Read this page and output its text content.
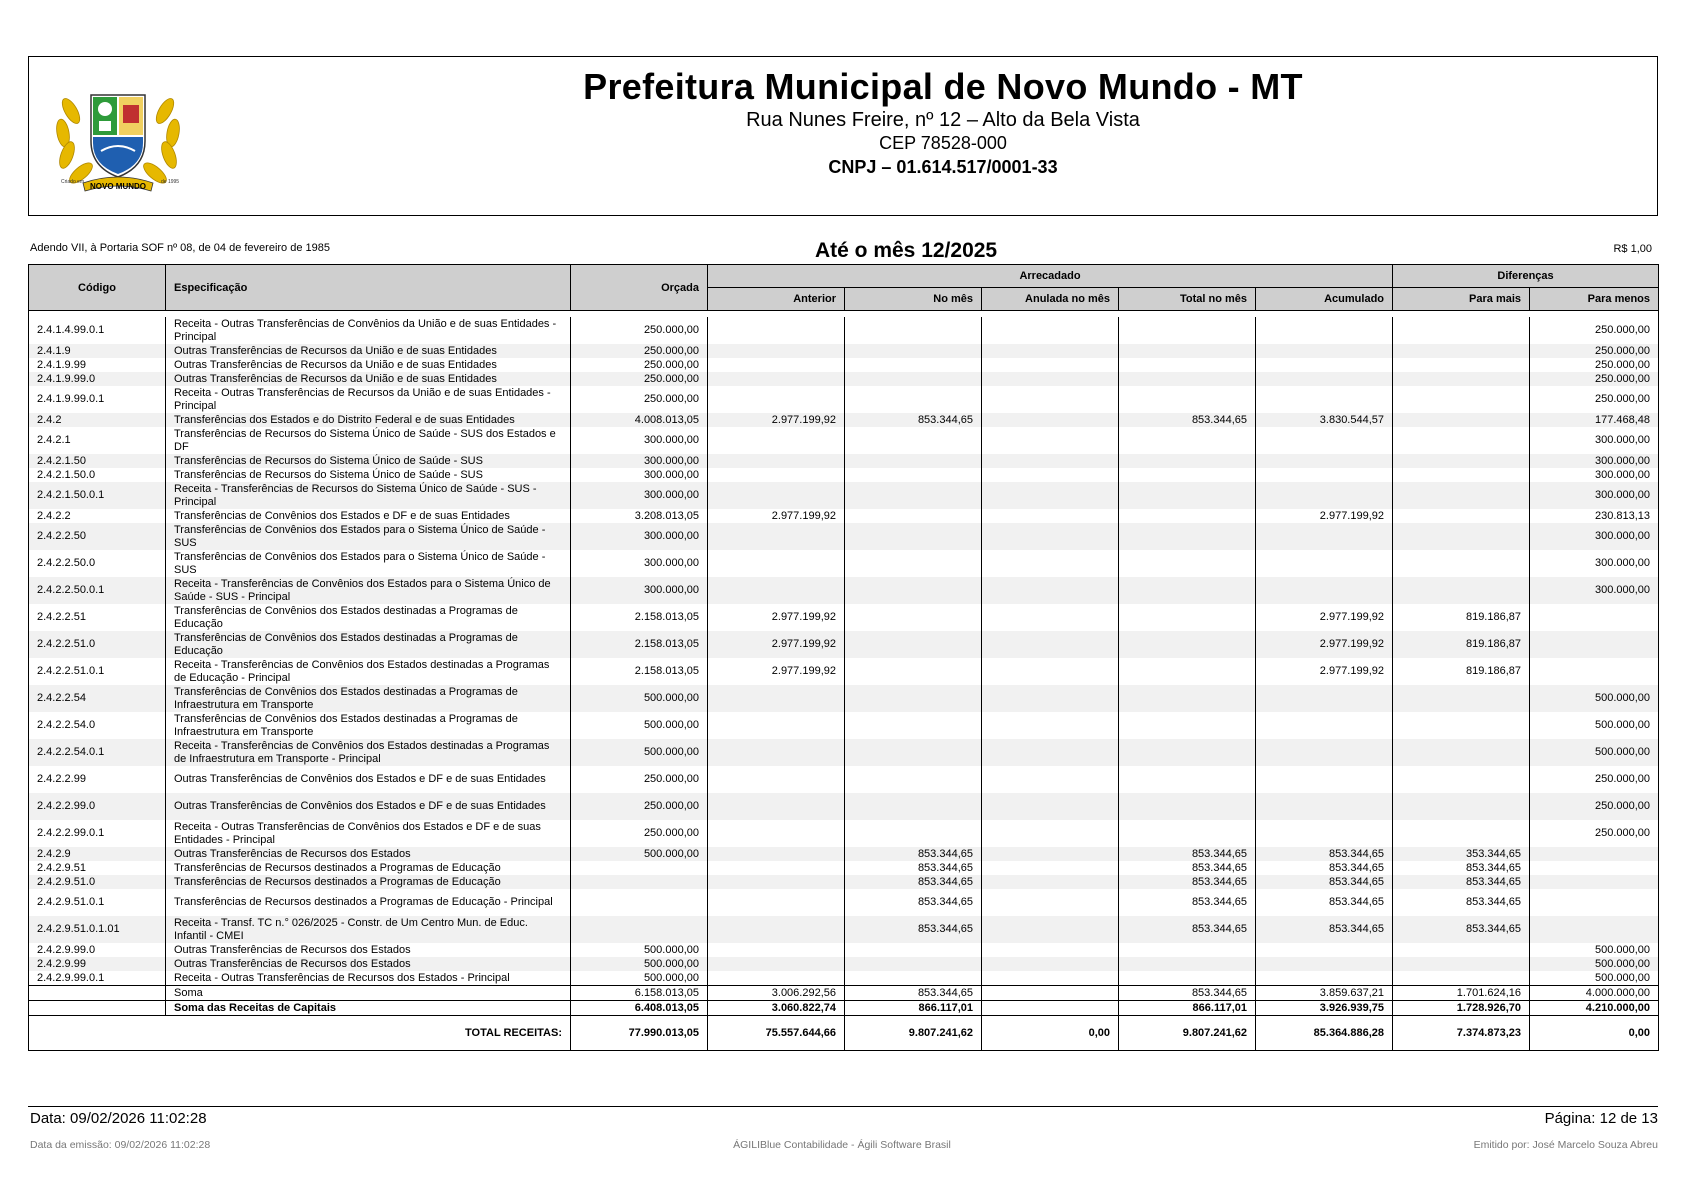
NOVO MUNDO
Criado em	de 1995
Prefeitura Municipal de Novo Mundo - MT
Rua Nunes Freire, nº 12 – Alto da Bela Vista
CEP 78528-000
CNPJ – 01.614.517/0001-33
Adendo VII, à Portaria SOF nº 08, de 04 de fevereiro de 1985	Até o mês 12/2025	R$ 1,00
Código	Especificação	Orçada	Arrecadado					Diferenças	
			Anterior	No mês	Anulada no mês	Total no mês	Acumulado	Para mais	Para menos

2.4.1.4.99.0.1	Receita - Outras Transferências de Convênios da União e de suas Entidades - Principal	250.000,00							250.000,00
2.4.1.9	Outras Transferências de Recursos da União e de suas Entidades	250.000,00							250.000,00
2.4.1.9.99	Outras Transferências de Recursos da União e de suas Entidades	250.000,00							250.000,00
2.4.1.9.99.0	Outras Transferências de Recursos da União e de suas Entidades	250.000,00							250.000,00
2.4.1.9.99.0.1	Receita - Outras Transferências de Recursos da União e de suas Entidades - Principal	250.000,00							250.000,00
2.4.2	Transferências dos Estados e do Distrito Federal e de suas Entidades	4.008.013,05	2.977.199,92	853.344,65		853.344,65	3.830.544,57		177.468,48
2.4.2.1	Transferências de Recursos do Sistema Único de Saúde - SUS dos Estados e DF	300.000,00							300.000,00
2.4.2.1.50	Transferências de Recursos do Sistema Único de Saúde - SUS	300.000,00							300.000,00
2.4.2.1.50.0	Transferências de Recursos do Sistema Único de Saúde - SUS	300.000,00							300.000,00
2.4.2.1.50.0.1	Receita - Transferências de Recursos do Sistema Único de Saúde - SUS - Principal	300.000,00							300.000,00
2.4.2.2	Transferências de Convênios dos Estados e DF e de suas Entidades	3.208.013,05	2.977.199,92				2.977.199,92		230.813,13
2.4.2.2.50	Transferências de Convênios dos Estados para o Sistema Único de Saúde - SUS	300.000,00							300.000,00
2.4.2.2.50.0	Transferências de Convênios dos Estados para o Sistema Único de Saúde - SUS	300.000,00							300.000,00
2.4.2.2.50.0.1	Receita - Transferências de Convênios dos Estados para o Sistema Único de Saúde - SUS - Principal	300.000,00							300.000,00
2.4.2.2.51	Transferências de Convênios dos Estados destinadas a Programas de Educação	2.158.013,05	2.977.199,92				2.977.199,92	819.186,87	
2.4.2.2.51.0	Transferências de Convênios dos Estados destinadas a Programas de Educação	2.158.013,05	2.977.199,92				2.977.199,92	819.186,87	
2.4.2.2.51.0.1	Receita - Transferências de Convênios dos Estados destinadas a Programas de Educação - Principal	2.158.013,05	2.977.199,92				2.977.199,92	819.186,87	
2.4.2.2.54	Transferências de Convênios dos Estados destinadas a Programas de Infraestrutura em Transporte	500.000,00							500.000,00
2.4.2.2.54.0	Transferências de Convênios dos Estados destinadas a Programas de Infraestrutura em Transporte	500.000,00							500.000,00
2.4.2.2.54.0.1	Receita - Transferências de Convênios dos Estados destinadas a Programas de Infraestrutura em Transporte - Principal	500.000,00							500.000,00
2.4.2.2.99	Outras Transferências de Convênios dos Estados e DF e de suas Entidades	250.000,00							250.000,00
2.4.2.2.99.0	Outras Transferências de Convênios dos Estados e DF e de suas Entidades	250.000,00							250.000,00
2.4.2.2.99.0.1	Receita - Outras Transferências de Convênios dos Estados e DF e de suas Entidades - Principal	250.000,00							250.000,00
2.4.2.9	Outras Transferências de Recursos dos Estados	500.000,00		853.344,65		853.344,65	853.344,65	353.344,65	
2.4.2.9.51	Transferências de Recursos destinados a Programas de Educação			853.344,65		853.344,65	853.344,65	853.344,65	
2.4.2.9.51.0	Transferências de Recursos destinados a Programas de Educação			853.344,65		853.344,65	853.344,65	853.344,65	
2.4.2.9.51.0.1	Transferências de Recursos destinados a Programas de Educação - Principal			853.344,65		853.344,65	853.344,65	853.344,65	
2.4.2.9.51.0.1.01	Receita - Transf. TC n.° 026/2025 - Constr. de Um Centro Mun. de Educ. Infantil - CMEI			853.344,65		853.344,65	853.344,65	853.344,65	
2.4.2.9.99.0	Outras Transferências de Recursos dos Estados	500.000,00							500.000,00
2.4.2.9.99	Outras Transferências de Recursos dos Estados	500.000,00							500.000,00
2.4.2.9.99.0.1	Receita - Outras Transferências de Recursos dos Estados - Principal	500.000,00							500.000,00
	Soma	6.158.013,05	3.006.292,56	853.344,65		853.344,65	3.859.637,21	1.701.624,16	4.000.000,00
	Soma das Receitas de Capitais	6.408.013,05	3.060.822,74	866.117,01		866.117,01	3.926.939,75	1.728.926,70	4.210.000,00
TOTAL RECEITAS:		77.990.013,05	75.557.644,66	9.807.241,62	0,00	9.807.241,62	85.364.886,28	7.374.873,23	0,00
Data: 09/02/2026 11:02:28	Página: 12 de 13
Data da emissão: 09/02/2026 11:02:28	ÁGILIBlue Contabilidade - Ágili Software Brasil	Emitido por: José Marcelo Souza Abreu
